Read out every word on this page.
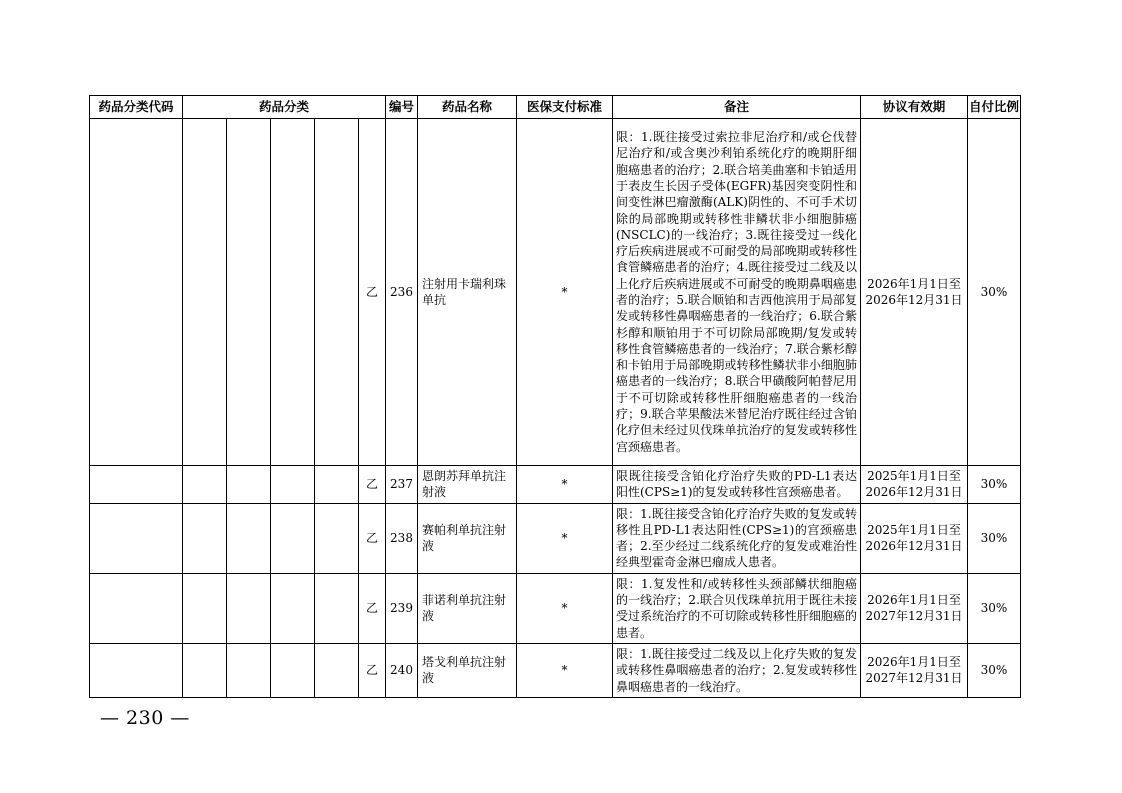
药品分类代码	药品分类					编号	药品名称	医保支付标准	备注	协议有效期	自付比例
					乙	236	注射用卡瑞利珠单抗	*	限：1.既往接受过索拉非尼治疗和/或仑伐替尼治疗和/或含奥沙利铂系统化疗的晚期肝细胞癌患者的治疗；2.联合培美曲塞和卡铂适用于表皮生长因子受体(EGFR)基因突变阴性和间变性淋巴瘤激酶(ALK)阴性的、不可手术切除的局部晚期或转移性非鳞状非小细胞肺癌(NSCLC)的一线治疗；3.既往接受过一线化疗后疾病进展或不可耐受的局部晚期或转移性食管鳞癌患者的治疗；4.既往接受过二线及以上化疗后疾病进展或不可耐受的晚期鼻咽癌患者的治疗；5.联合顺铂和吉西他滨用于局部复发或转移性鼻咽癌患者的一线治疗；6.联合紫杉醇和顺铂用于不可切除局部晚期/复发或转移性食管鳞癌患者的一线治疗；7.联合紫杉醇和卡铂用于局部晚期或转移性鳞状非小细胞肺癌患者的一线治疗；8.联合甲磺酸阿帕替尼用于不可切除或转移性肝细胞癌患者的一线治疗；9.联合苹果酸法米替尼治疗既往经过含铂化疗但未经过贝伐珠单抗治疗的复发或转移性宫颈癌患者。	2026年1月1日至
2026年12月31日	30%
					乙	237	恩朗苏拜单抗注射液	*	限既往接受含铂化疗治疗失败的PD-L1表达阳性(CPS≥1)的复发或转移性宫颈癌患者。	2025年1月1日至
2026年12月31日	30%
					乙	238	赛帕利单抗注射液	*	限：1.既往接受含铂化疗治疗失败的复发或转移性且PD-L1表达阳性(CPS≥1)的宫颈癌患者；2.至少经过二线系统化疗的复发或难治性经典型霍奇金淋巴瘤成人患者。	2025年1月1日至
2026年12月31日	30%
					乙	239	菲诺利单抗注射液	*	限：1.复发性和/或转移性头颈部鳞状细胞癌的一线治疗；2.联合贝伐珠单抗用于既往未接受过系统治疗的不可切除或转移性肝细胞癌的患者。	2026年1月1日至
2027年12月31日	30%
					乙	240	塔戈利单抗注射液	*	限：1.既往接受过二线及以上化疗失败的复发或转移性鼻咽癌患者的治疗；2.复发或转移性鼻咽癌患者的一线治疗。	2026年1月1日至
2027年12月31日	30%
— 230 —
